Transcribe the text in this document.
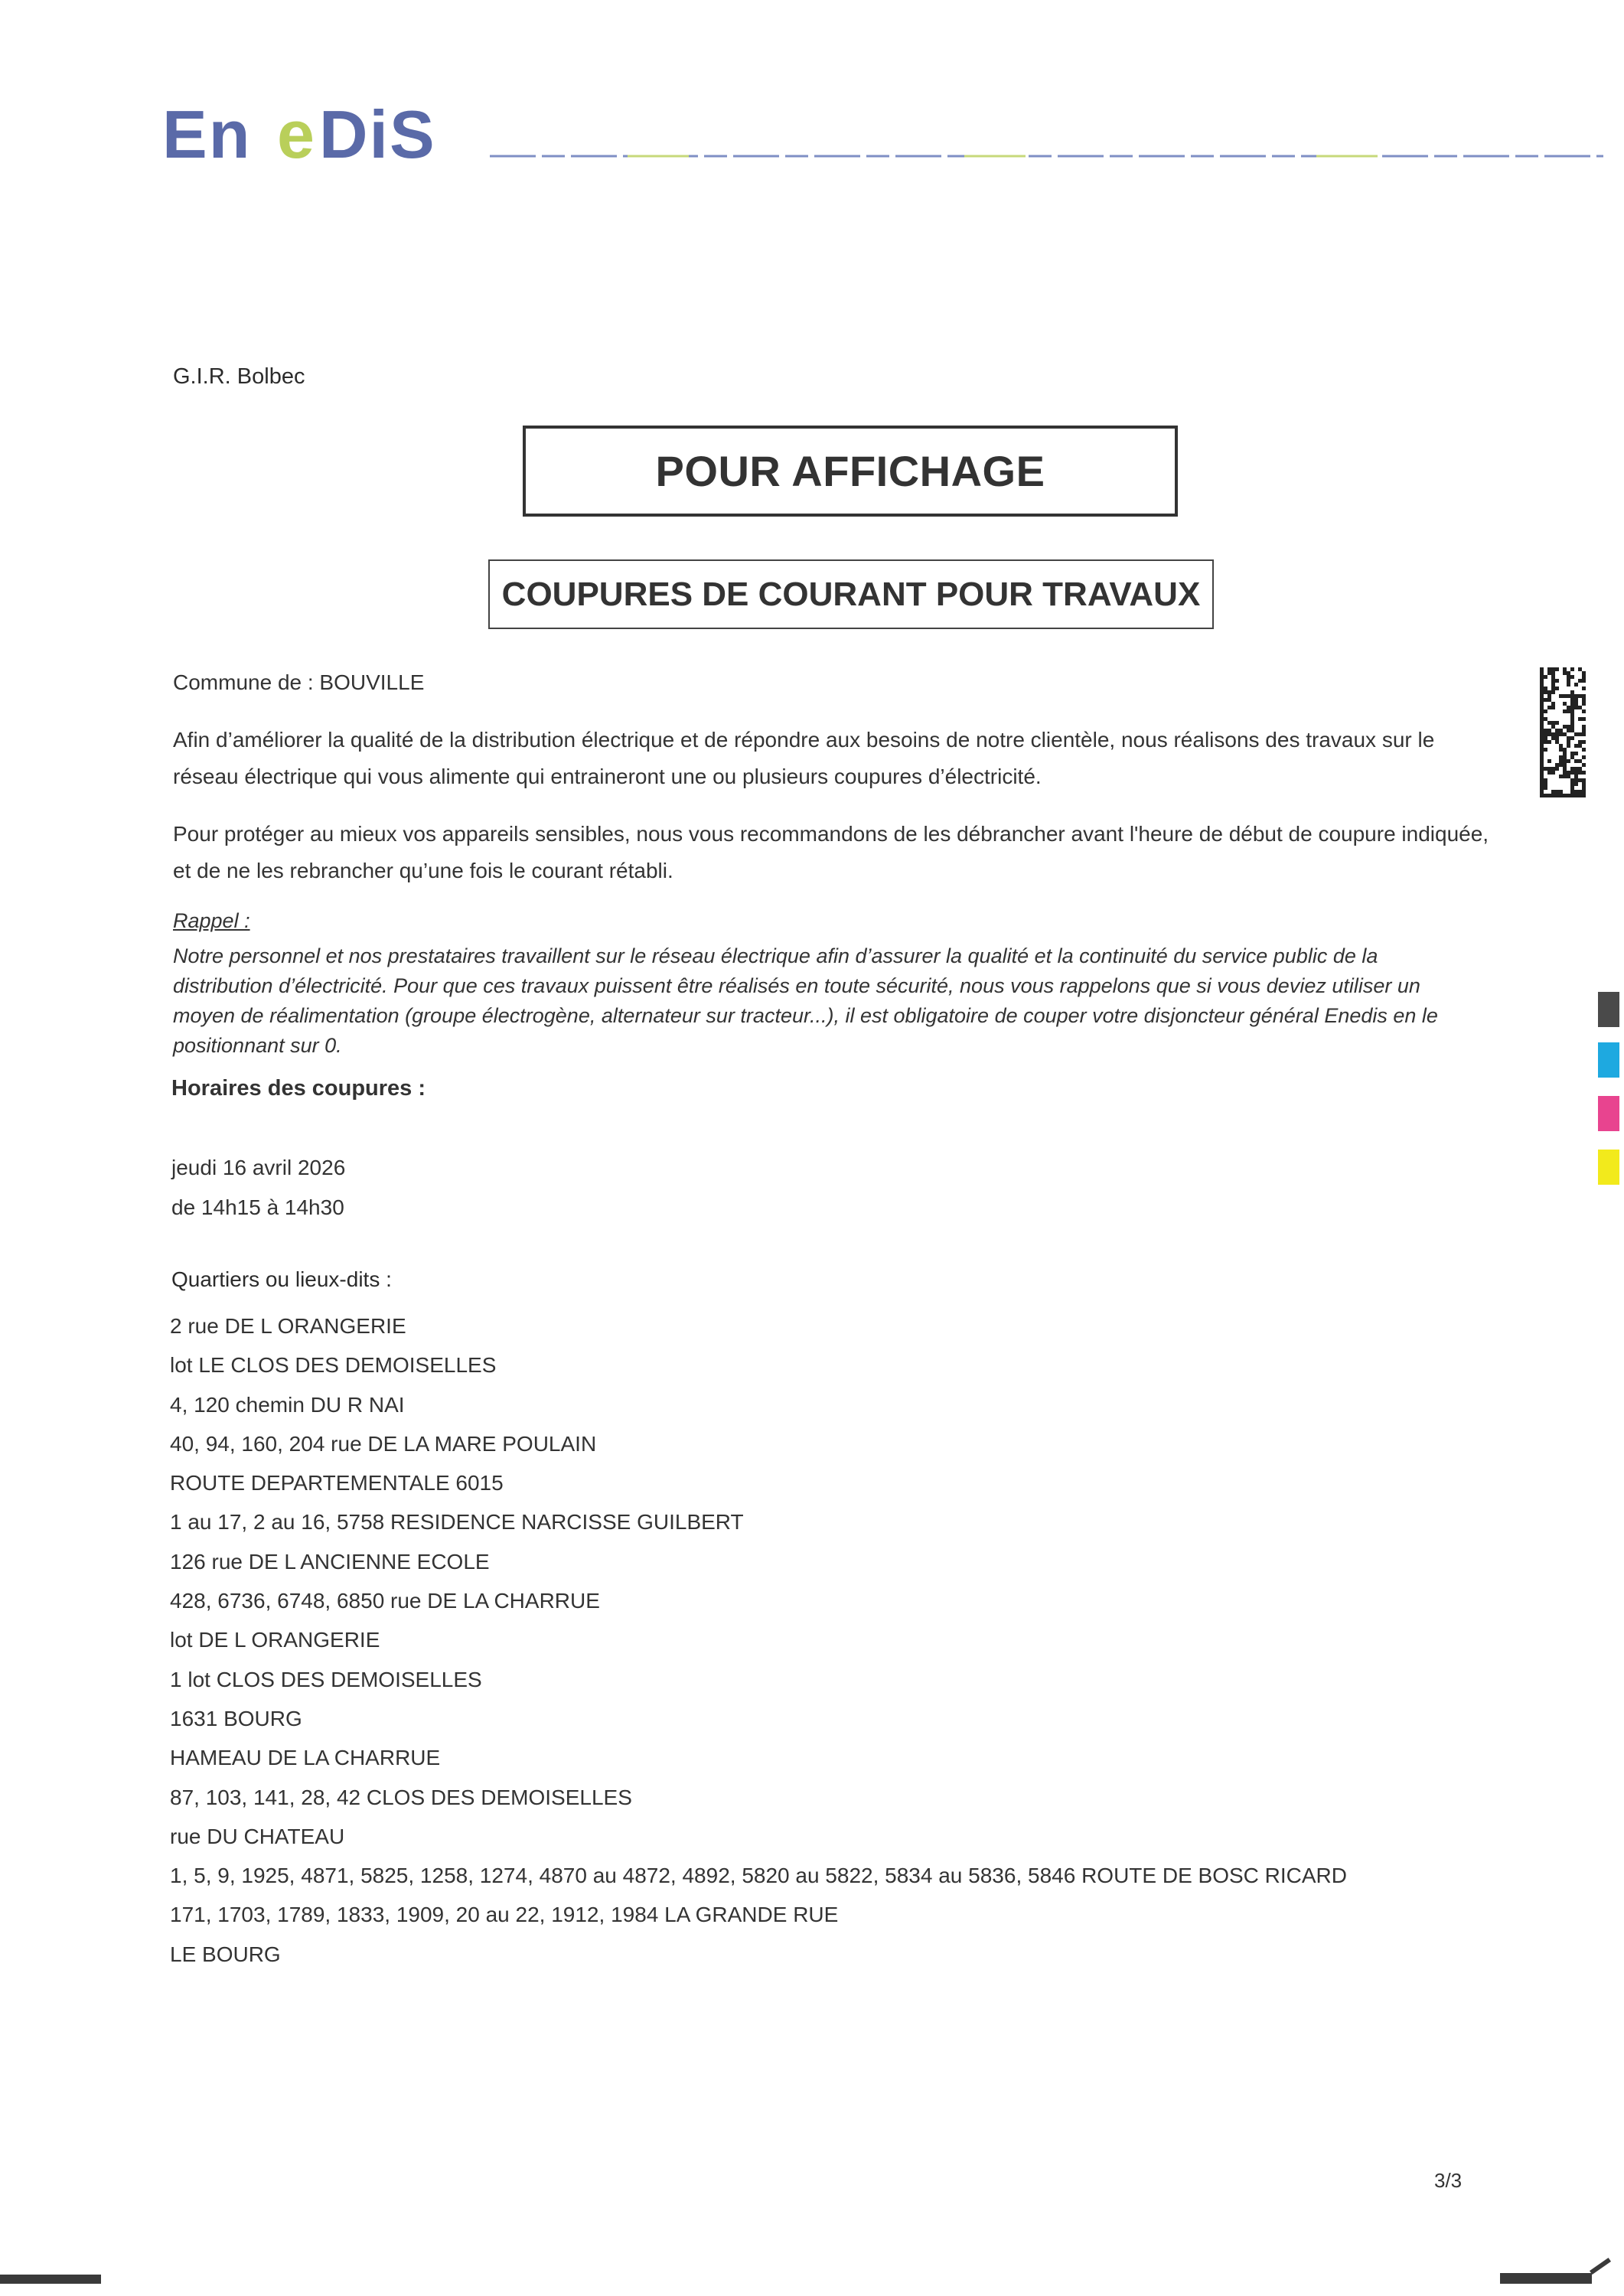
En e DiS
G.I.R. Bolbec
POUR AFFICHAGE
COUPURES DE COURANT POUR TRAVAUX
Commune de : BOUVILLE
Afin d’améliorer la qualité de la distribution électrique et de répondre aux besoins de notre clientèle, nous réalisons des travaux sur le réseau électrique qui vous alimente qui entraineront une ou plusieurs coupures d’électricité.
Pour protéger au mieux vos appareils sensibles, nous vous recommandons de les débrancher avant l'heure de début de coupure indiquée, et de ne les rebrancher qu’une fois le courant rétabli.
Rappel :
Notre personnel et nos prestataires travaillent sur le réseau électrique afin d’assurer la qualité et la continuité du service public de la distribution d’électricité. Pour que ces travaux puissent être réalisés en toute sécurité, nous vous rappelons que si vous deviez utiliser un moyen de réalimentation (groupe électrogène, alternateur sur tracteur...), il est obligatoire de couper votre disjoncteur général Enedis en le positionnant sur 0.
Horaires des coupures :
jeudi 16 avril 2026
de 14h15 à 14h30
Quartiers ou lieux-dits :
2 rue DE L ORANGERIE
lot LE CLOS DES DEMOISELLES
4, 120 chemin DU R NAI
40, 94, 160, 204 rue DE LA MARE POULAIN
ROUTE DEPARTEMENTALE 6015
1 au 17, 2 au 16, 5758 RESIDENCE NARCISSE GUILBERT
126 rue DE L ANCIENNE ECOLE
428, 6736, 6748, 6850 rue DE LA CHARRUE
lot DE L ORANGERIE
1 lot CLOS DES DEMOISELLES
1631 BOURG
HAMEAU DE LA CHARRUE
87, 103, 141, 28, 42 CLOS DES DEMOISELLES
rue DU CHATEAU
1, 5, 9, 1925, 4871, 5825, 1258, 1274, 4870 au 4872, 4892, 5820 au 5822, 5834 au 5836, 5846 ROUTE DE BOSC RICARD
171, 1703, 1789, 1833, 1909, 20 au 22, 1912, 1984 LA GRANDE RUE
LE BOURG
3/3
